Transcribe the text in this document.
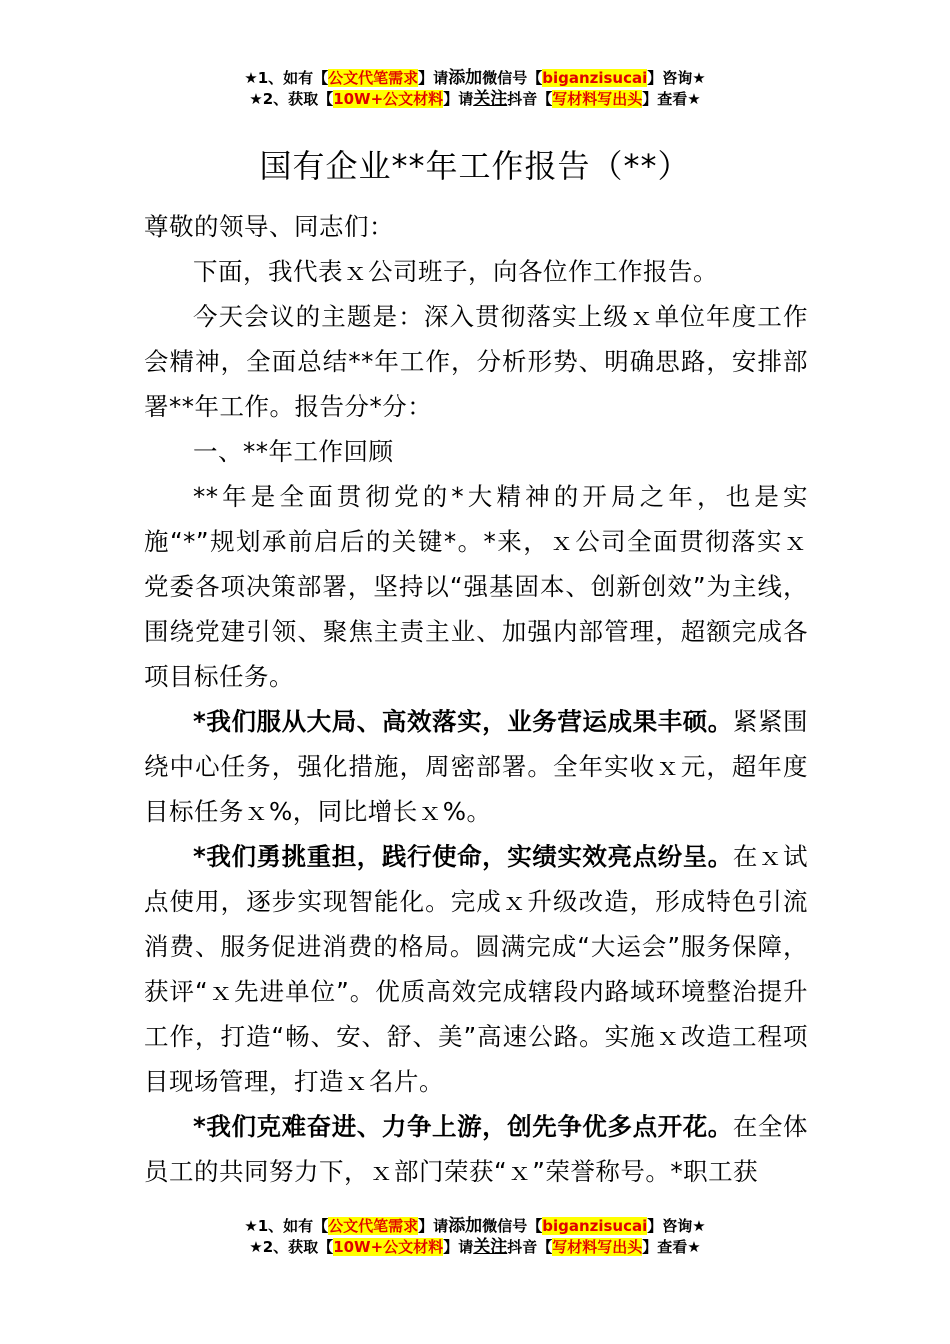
★1、如有【公文代笔需求】请添加微信号【biganzisucai】咨询★
★2、获取【10W+公文材料】请关注抖音【写材料写出头】查看★
国有企业**年工作报告（**）

尊敬的领导、同志们：

下面，我代表ｘ公司班子，向各位作工作报告。

今天会议的主题是：深入贯彻落实上级ｘ单位年度工作会精神，全面总结**年工作，分析形势、明确思路，安排部署**年工作。报告分*分：

一、**年工作回顾

**年是全面贯彻党的*大精神的开局之年，也是实施“*”规划承前启后的关键*。*来，ｘ公司全面贯彻落实ｘ党委各项决策部署，坚持以“强基固本、创新创效”为主线，围绕党建引领、聚焦主责主业、加强内部管理，超额完成各项目标任务。

*我们服从大局、高效落实，业务营运成果丰硕。紧紧围绕中心任务，强化措施，周密部署。全年实收ｘ元，超年度目标任务ｘ%，同比增长ｘ%。

*我们勇挑重担，践行使命，实绩实效亮点纷呈。在ｘ试点使用，逐步实现智能化。完成ｘ升级改造，形成特色引流消费、服务促进消费的格局。圆满完成“大运会”服务保障，获评“ｘ先进单位”。优质高效完成辖段内路域环境整治提升工作，打造“畅、安、舒、美”高速公路。实施ｘ改造工程项目现场管理，打造ｘ名片。

*我们克难奋进、力争上游，创先争优多点开花。在全体员工的共同努力下，ｘ部门荣获“ｘ”荣誉称号。*职工获

★1、如有【公文代笔需求】请添加微信号【biganzisucai】咨询★
★2、获取【10W+公文材料】请关注抖音【写材料写出头】查看★
